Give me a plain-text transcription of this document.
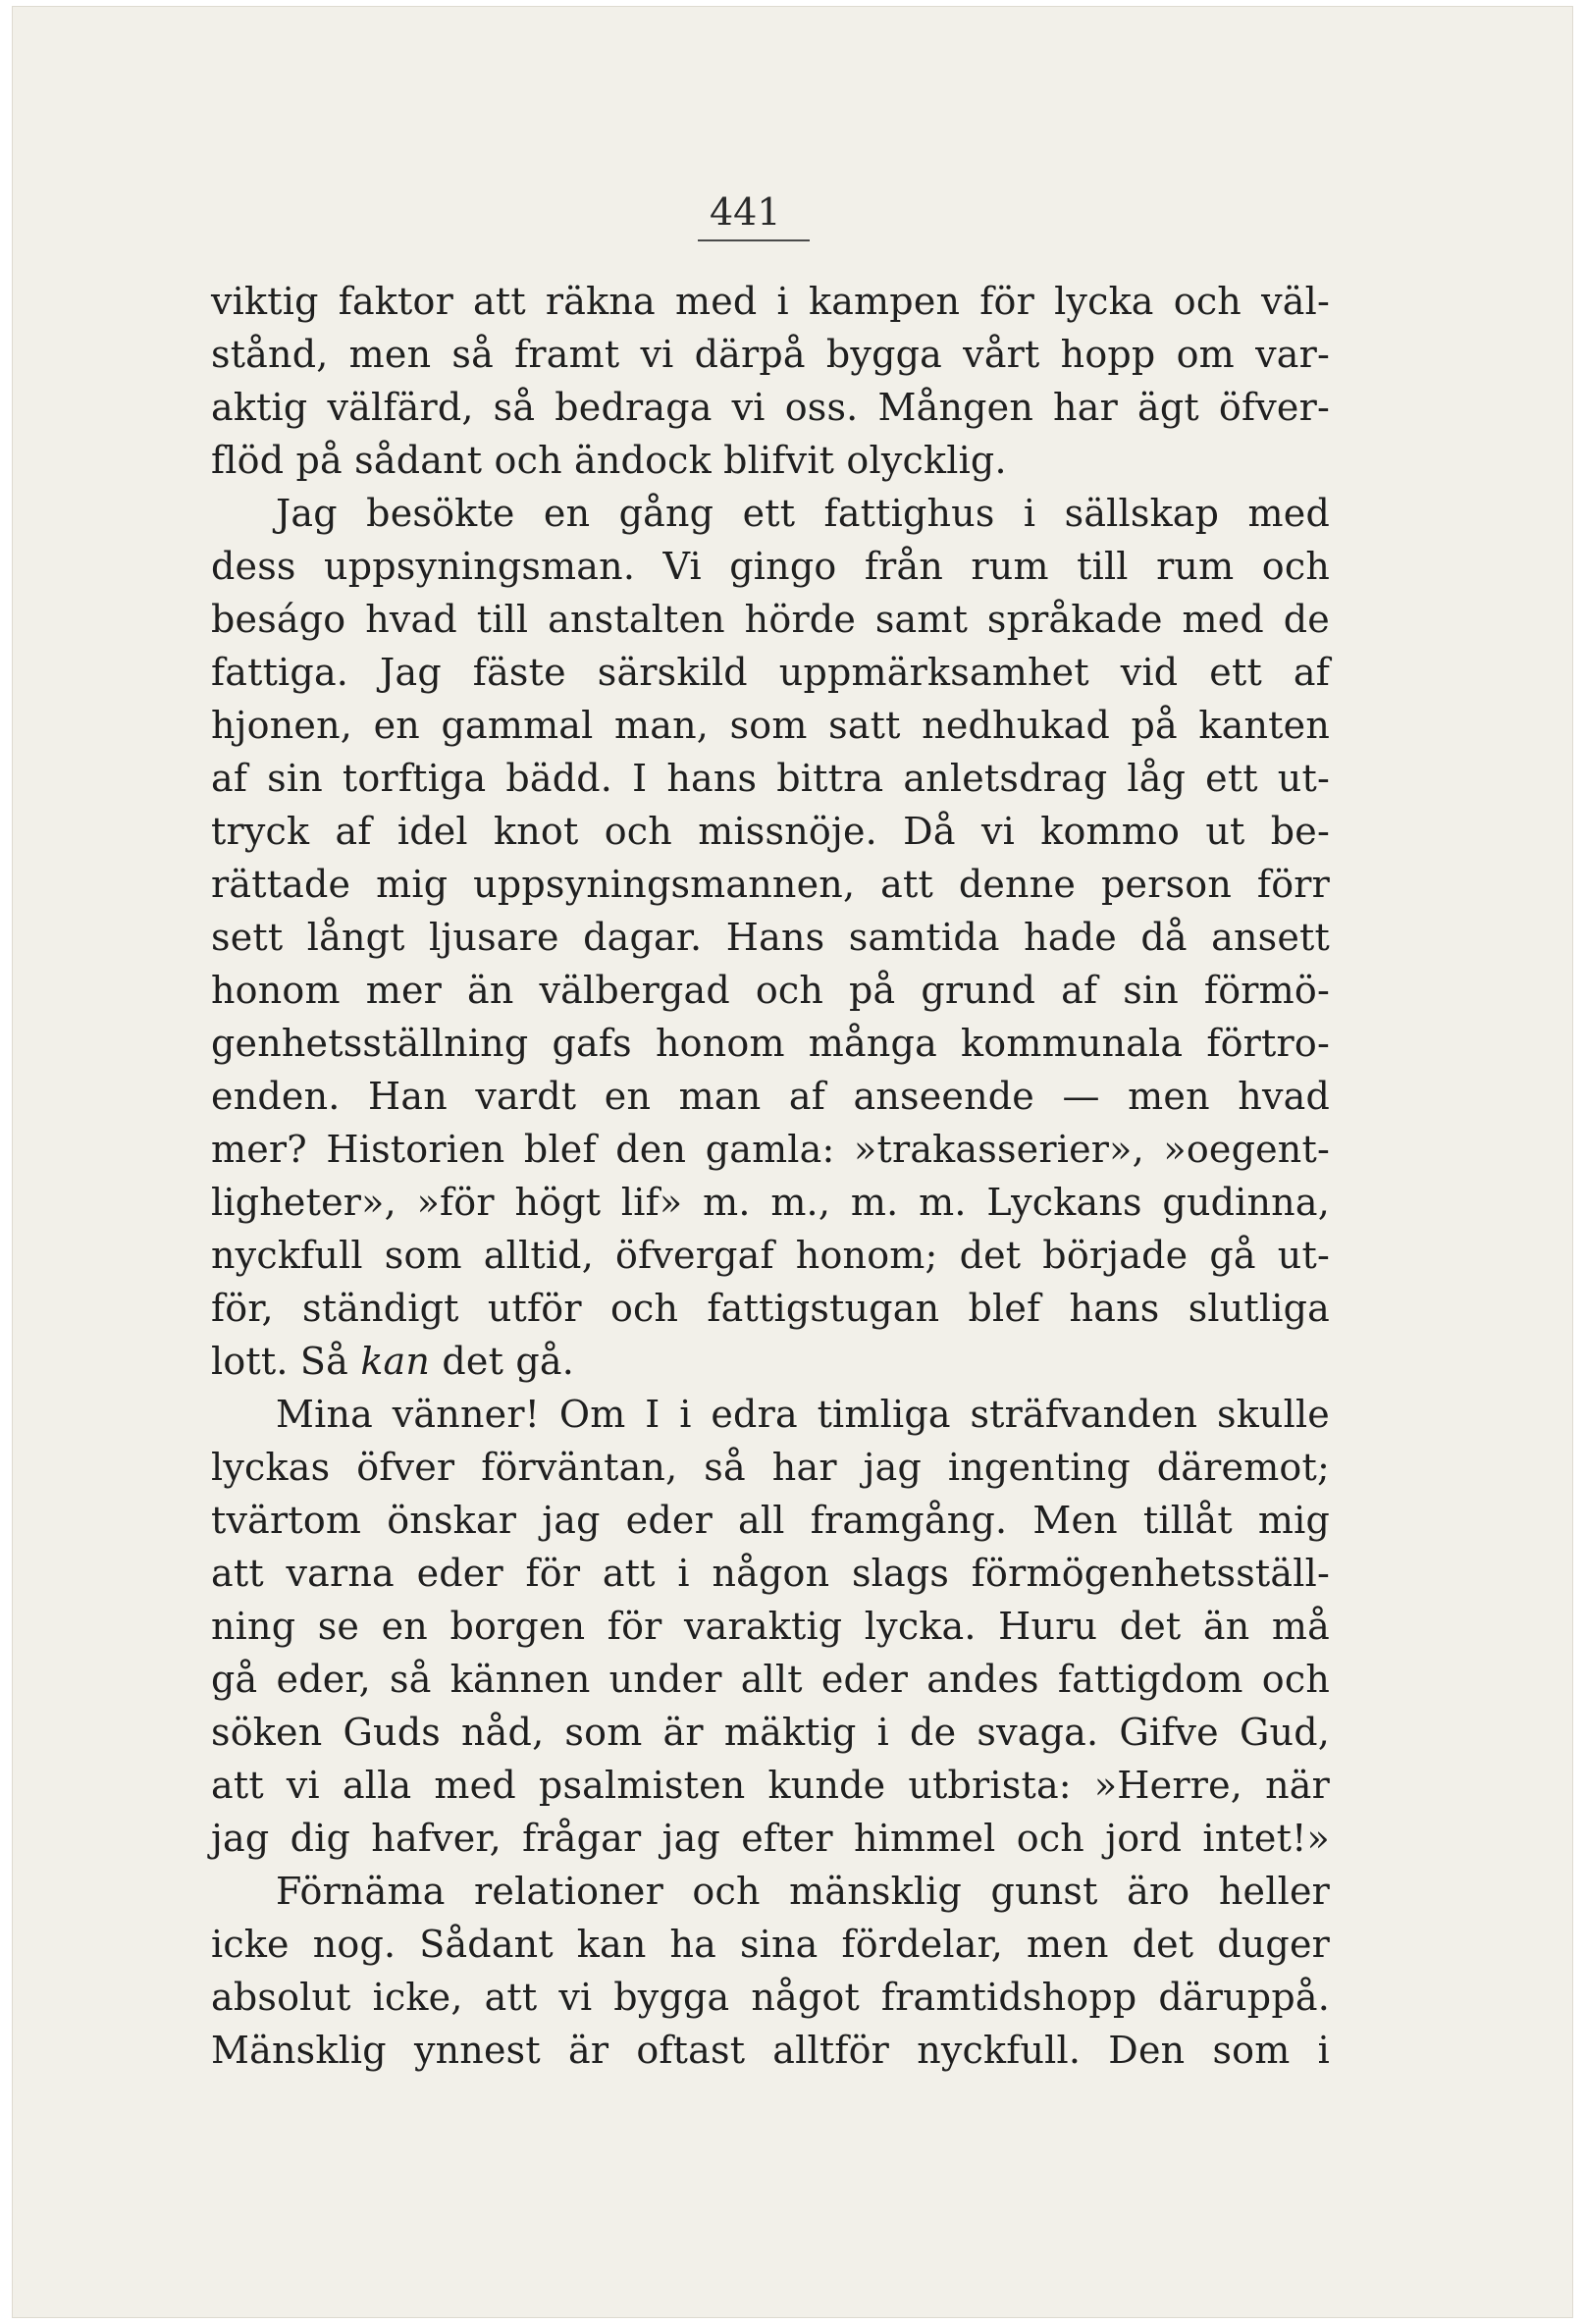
441
viktig faktor att räkna med i kampen för lycka och väl-
stånd, men så framt vi därpå bygga vårt hopp om var-
aktig välfärd, så bedraga vi oss. Mången har ägt öfver-
flöd på sådant och ändock blifvit olycklig.
Jag besökte en gång ett fattighus i sällskap med
dess uppsyningsman. Vi gingo från rum till rum och
beságo hvad till anstalten hörde samt språkade med de
fattiga. Jag fäste särskild uppmärksamhet vid ett af
hjonen, en gammal man, som satt nedhukad på kanten
af sin torftiga bädd. I hans bittra anletsdrag låg ett ut-
tryck af idel knot och missnöje. Då vi kommo ut be-
rättade mig uppsyningsmannen, att denne person förr
sett långt ljusare dagar. Hans samtida hade då ansett
honom mer än välbergad och på grund af sin förmö-
genhetsställning gafs honom många kommunala förtro-
enden. Han vardt en man af anseende — men hvad
mer? Historien blef den gamla: »trakasserier», »oegent-
ligheter», »för högt lif» m. m., m. m. Lyckans gudinna,
nyckfull som alltid, öfvergaf honom; det började gå ut-
för, ständigt utför och fattigstugan blef hans slutliga
lott. Så kan det gå.
Mina vänner! Om I i edra timliga sträfvanden skulle
lyckas öfver förväntan, så har jag ingenting däremot;
tvärtom önskar jag eder all framgång. Men tillåt mig
att varna eder för att i någon slags förmögenhetsställ-
ning se en borgen för varaktig lycka. Huru det än må
gå eder, så kännen under allt eder andes fattigdom och
söken Guds nåd, som är mäktig i de svaga. Gifve Gud,
att vi alla med psalmisten kunde utbrista: »Herre, när
jag dig hafver, frågar jag efter himmel och jord intet!»
Förnäma relationer och mänsklig gunst äro heller
icke nog. Sådant kan ha sina fördelar, men det duger
absolut icke, att vi bygga något framtidshopp däruppå.
Mänsklig ynnest är oftast alltför nyckfull. Den som i
